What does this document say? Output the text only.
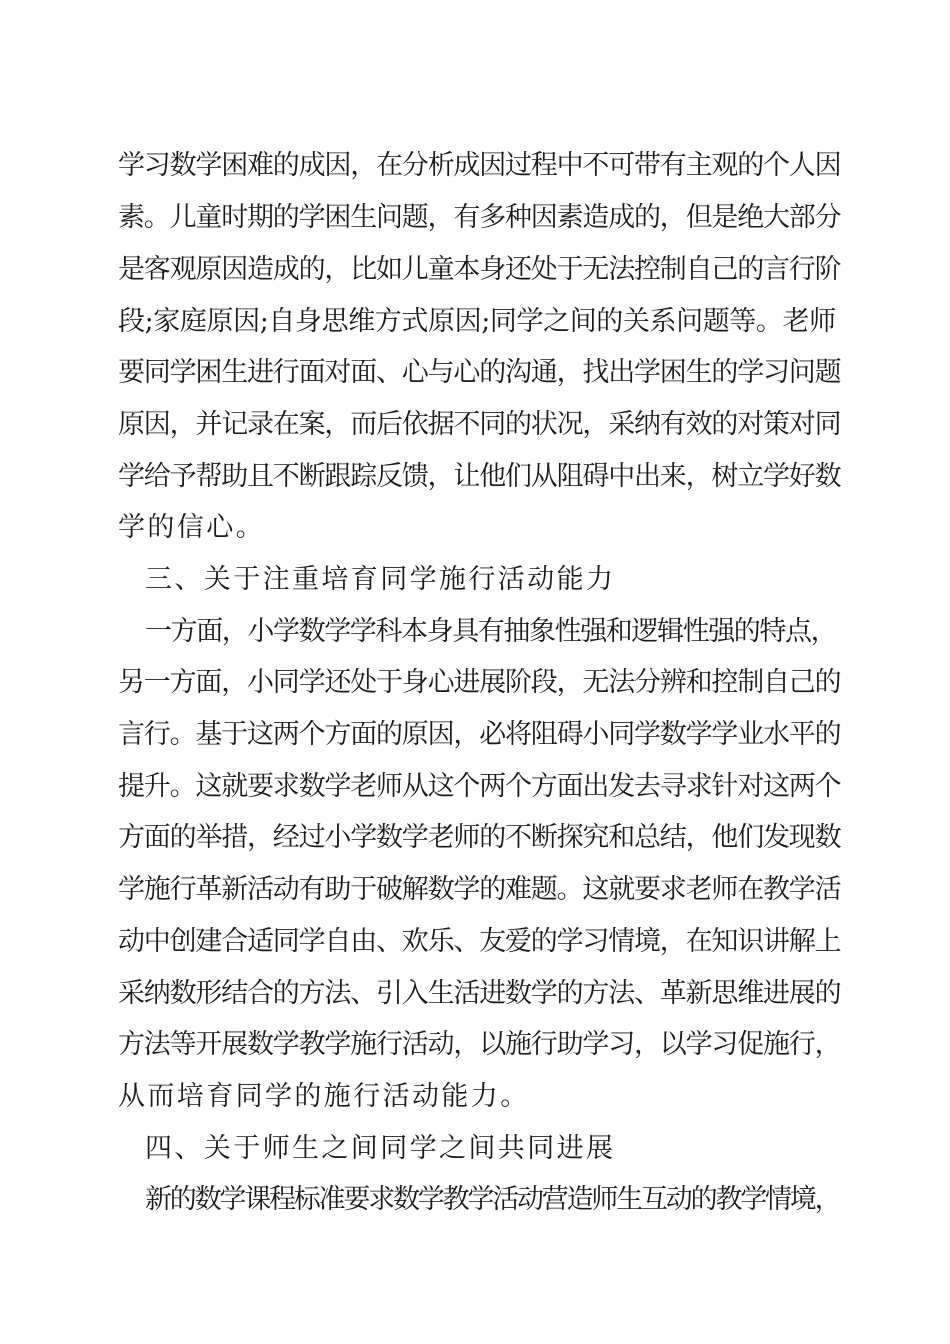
学习数学困难的成因，在分析成因过程中不可带有主观的个人因
素。儿童时期的学困生问题，有多种因素造成的，但是绝大部分
是客观原因造成的，比如儿童本身还处于无法控制自己的言行阶
段;家庭原因;自身思维方式原因;同学之间的关系问题等。老师
要同学困生进行面对面、心与心的沟通，找出学困生的学习问题
原因，并记录在案，而后依据不同的状况，采纳有效的对策对同
学给予帮助且不断跟踪反馈，让他们从阻碍中出来，树立学好数
学的信心。
三、关于注重培育同学施行活动能力
一方面，小学数学学科本身具有抽象性强和逻辑性强的特点，
另一方面，小同学还处于身心进展阶段，无法分辨和控制自己的
言行。基于这两个方面的原因，必将阻碍小同学数学学业水平的
提升。这就要求数学老师从这个两个方面出发去寻求针对这两个
方面的举措，经过小学数学老师的不断探究和总结，他们发现数
学施行革新活动有助于破解数学的难题。这就要求老师在教学活
动中创建合适同学自由、欢乐、友爱的学习情境，在知识讲解上
采纳数形结合的方法、引入生活进数学的方法、革新思维进展的
方法等开展数学教学施行活动，以施行助学习，以学习促施行，
从而培育同学的施行活动能力。
四、关于师生之间同学之间共同进展
新的数学课程标准要求数学教学活动营造师生互动的教学情境，
